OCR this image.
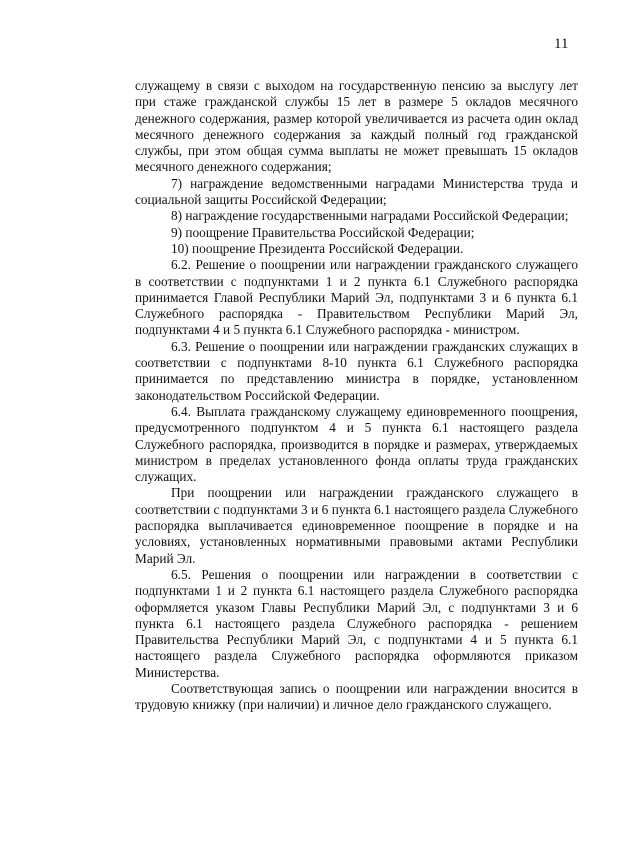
11

служащему в связи с выходом на государственную пенсию за выслугу лет при стаже гражданской службы 15 лет в размере 5 окладов месячного денежного содержания, размер которой увеличивается из расчета один оклад месячного денежного содержания за каждый полный год гражданской службы, при этом общая сумма выплаты не может превышать 15 окладов месячного денежного содержания;

7) награждение ведомственными наградами Министерства труда и социальной защиты Российской Федерации;

8) награждение государственными наградами Российской Федерации;

9) поощрение Правительства Российской Федерации;

10) поощрение Президента Российской Федерации.

6.2. Решение о поощрении или награждении гражданского служащего в соответствии с подпунктами 1 и 2 пункта 6.1 Служебного распорядка принимается Главой Республики Марий Эл, подпунктами 3 и 6 пункта 6.1 Служебного распорядка - Правительством Республики Марий Эл, подпунктами 4 и 5 пункта 6.1 Служебного распорядка - министром.

6.3. Решение о поощрении или награждении гражданских служащих в соответствии с подпунктами 8-10 пункта 6.1 Служебного распорядка принимается по представлению министра в порядке, установленном законодательством Российской Федерации.

6.4. Выплата гражданскому служащему единовременного поощрения, предусмотренного подпунктом 4 и 5 пункта 6.1 настоящего раздела Служебного распорядка, производится в порядке и размерах, утверждаемых министром в пределах установленного фонда оплаты труда гражданских служащих.

При поощрении или награждении гражданского служащего в соответствии с подпунктами 3 и 6 пункта 6.1 настоящего раздела Служебного распорядка выплачивается единовременное поощрение в порядке и на условиях, установленных нормативными правовыми актами Республики Марий Эл.

6.5. Решения о поощрении или награждении в соответствии с подпунктами 1 и 2 пункта 6.1 настоящего раздела Служебного распорядка оформляется указом Главы Республики Марий Эл, с подпунктами 3 и 6 пункта 6.1 настоящего раздела Служебного распорядка - решением Правительства Республики Марий Эл, с подпунктами 4 и 5 пункта 6.1 настоящего раздела Служебного распорядка оформляются приказом Министерства.

Соответствующая запись о поощрении или награждении вносится в трудовую книжку (при наличии) и личное дело гражданского служащего.
